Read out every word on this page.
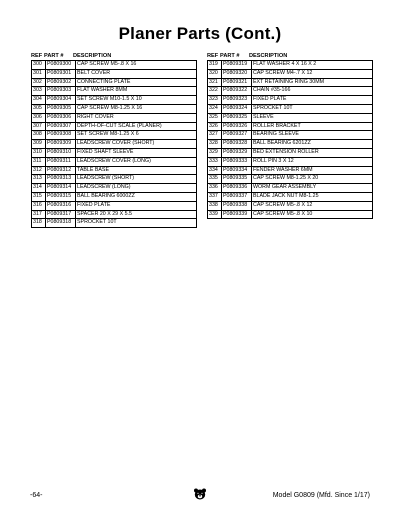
Planer Parts (Cont.)
REF PART #	DESCRIPTION
300 P0809300	CAP SCREW M5-.8 X 16
301 P0809301	BELT COVER
302 P0809302	CONNECTING PLATE
303 P0809303	FLAT WASHER 8MM
304 P0809304	SET SCREW M10-1.5 X 10
305 P0809305	CAP SCREW M8-1.25 X 16
306 P0809306	RIGHT COVER
307 P0809307	DEPTH-OF-CUT SCALE (PLANER)
308 P0809308	SET SCREW M8-1.25 X 6
309 P0809309	LEADSCREW COVER (SHORT)
310 P0809310	FIXED SHAFT SLEEVE
311	P0809311	LEADSCREW COVER (LONG)
312 P0809312	TABLE BASE
313 P0809313	LEADSCREW (SHORT)
314 P0809314	LEADSCREW (LONG)
315 P0809315	BALL BEARING 6000ZZ
316 P0809316	FIXED PLATE
317 P0809317	SPACER 20 X 29 X 5.5
318 P0809318	SPROCKET 10T
REF PART #	DESCRIPTION
319 P0809319	FLAT WASHER 4 X 16 X 2
320 P0809320	CAP SCREW M4-.7 X 12
321 P0809321	EXT RETAINING RING 30MM
322 P0809322	CHAIN #35-166
323 P0809323	FIXED PLATE
324 P0809324	SPROCKET 10T
325 P0809325	SLEEVE
326 P0809326	ROLLER BRACKET
327 P0809327	BEARING SLEEVE
328 P0809328	BALL BEARING 6201ZZ
329 P0809329	BED EXTENSION ROLLER
333 P0809333	ROLL PIN 3 X 12
334 P0809334	FENDER WASHER 6MM
335 P0809335	CAP SCREW M8-1.25 X 20
336 P0809336	WORM GEAR ASSEMBLY
337 P0809337	BLADE JACK NUT M8-1.25
338 P0809338	CAP SCREW M5-.8 X 12
339 P0809339	CAP SCREW M5-.8 X 10
-64-	Model G0809 (Mfd. Since 1/17)
